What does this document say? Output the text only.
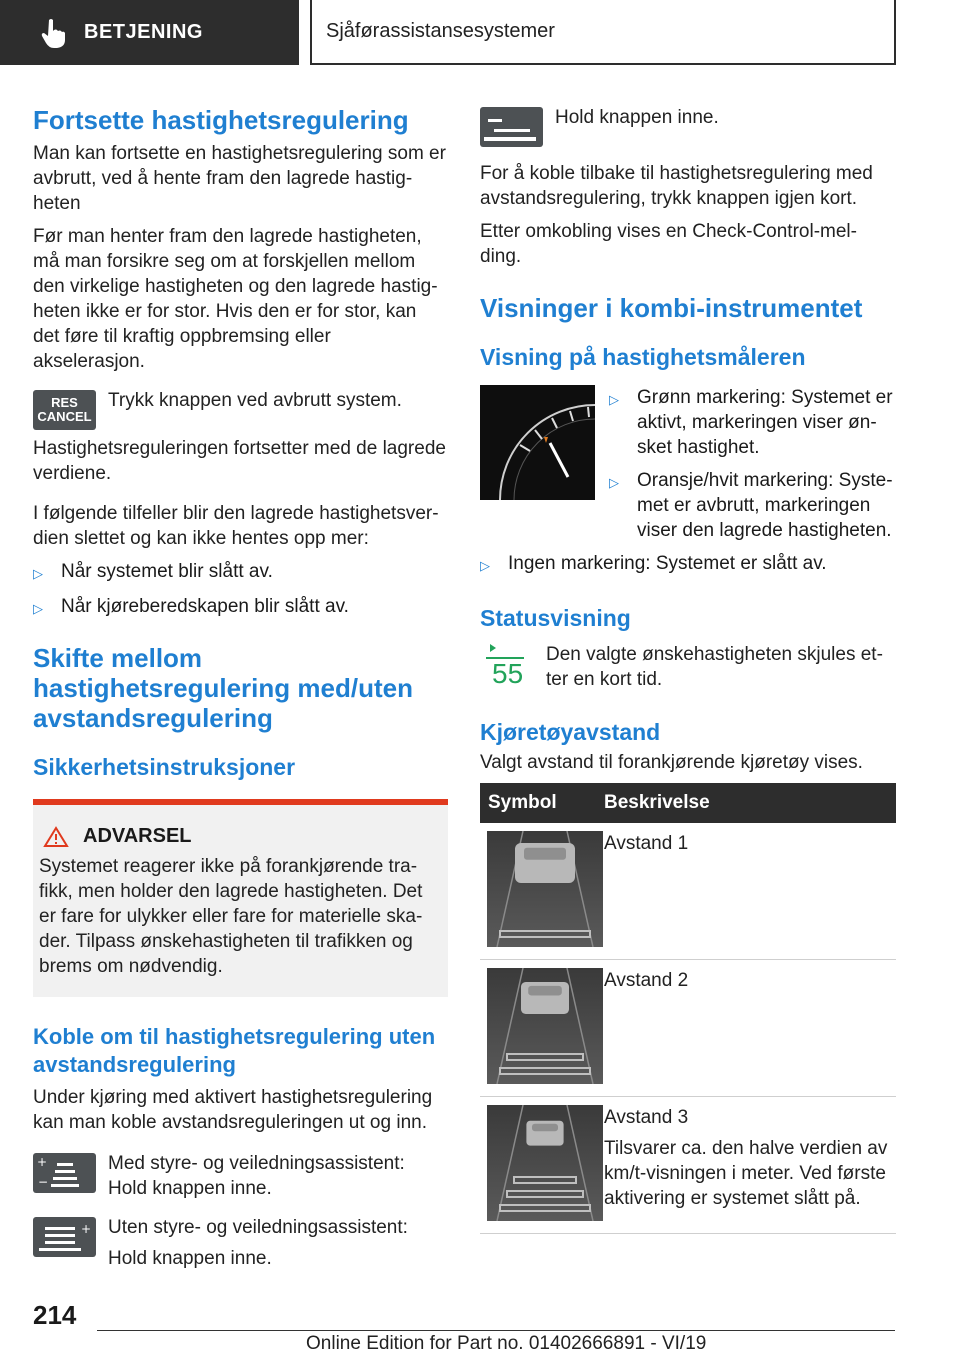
BETJENING	Sjåførassistansesystemer
Fortsette hastighetsregulering

Man kan fortsette en hastighetsregulering som er avbrutt, ved å hente fram den lagrede hastig-heten

Før man henter fram den lagrede hastigheten, må man forsikre seg om at forskjellen mellom den virkelige hastigheten og den lagrede hastig-heten ikke er for stor. Hvis den er for stor, kan det føre til kraftig oppbremsing eller akselerasjon.

RES
CANCEL

Trykk knappen ved avbrutt system.

Hastighetsreguleringen fortsetter med de lagrede verdiene.

I følgende tilfeller blir den lagrede hastighetsver-dien slettet og kan ikke hentes opp mer:

▷ Når systemet blir slått av.
▷ Når kjøreberedskapen blir slått av.
Skifte mellom hastighetsregulering med/uten avstandsregulering
Sikkerhetsinstruksjoner
ADVARSEL

Systemet reagerer ikke på forankjørende tra-fikk, men holder den lagrede hastigheten. Det er fare for ulykker eller fare for materielle ska-der. Tilpass ønskehastigheten til trafikken og brems om nødvendig.

Koble om til hastighetsregulering uten avstandsregulering

Under kjøring med aktivert hastighetsregulering kan man koble avstandsreguleringen ut og inn.

+
−

Med styre- og veiledningsassistent:

Hold knappen inne.

+ Uten styre- og veiledningsassistent:

Hold knappen inne.

Hold knappen inne.

For å koble tilbake til hastighetsregulering med avstandsregulering, trykk knappen igjen kort.

Etter omkobling vises en Check-Control-mel-ding.

Visninger i kombi-instrumentet
Visning på hastighetsmåleren
▷ Grønn markering: Systemet er aktivt, markeringen viser øn-sket hastighet.
▷ Oransje/hvit markering: Syste-met er avbrutt, markeringen viser den lagrede hastigheten.
▷ Ingen markering: Systemet er slått av.
Statusvisning
55

Den valgte ønskehastigheten skjules et-ter en kort tid.

Kjøretøyavstand

Valgt avstand til forankjørende kjøretøy vises.

Symbol	Beskrivelse

Avstand 1

Avstand 2

Avstand 3

Tilsvarer ca. den halve verdien av km/t-visningen i meter. Ved første aktivering er systemet slått på.

214
Online Edition for Part no. 01402666891 - VI/19
